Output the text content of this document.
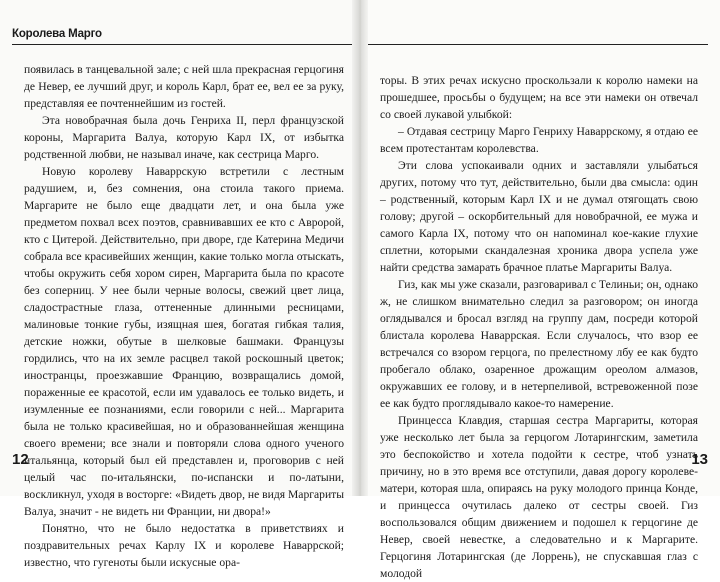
Королева Марго

появилась в танцевальной зале; с ней шла прекрасная герцогиня де Невер, ее лучший друг, и король Карл, брат ее, вел ее за руку, представляя ее почтеннейшим из гостей.

Эта новобрачная была дочь Генриха II, перл французской короны, Маргарита Валуа, которую Карл IX, от избытка родственной любви, не называл иначе, как сестрица Марго.

Новую королеву Наваррскую встретили с лестным радушием, и, без сомнения, она стоила такого приема. Маргарите не было еще двадцати лет, и она была уже предметом похвал всех поэтов, сравнивавших ее кто с Авророй, кто с Цитерой. Действительно, при дворе, где Катерина Медичи собрала все красивейших женщин, какие только могла отыскать, чтобы окружить себя хором сирен, Маргарита была по красоте без соперниц. У нее были черные волосы, свежий цвет лица, сладострастные глаза, оттененные длинными ресницами, малиновые тонкие губы, изящная шея, богатая гибкая талия, детские ножки, обутые в шелковые башмаки. Французы гордились, что на их земле расцвел такой роскошный цветок; иностранцы, проезжавшие Францию, возвращались домой, пораженные ее красотой, если им удавалось ее только видеть, и изумленные ее познаниями, если говорили с ней... Маргарита была не только красивейшая, но и образованнейшая женщина своего времени; все знали и повторяли слова одного ученого итальянца, который был ей представлен и, проговорив с ней целый час по-итальянски, по-испански и по-латыни, воскликнул, уходя в восторге: «Видеть двор, не видя Маргариты Валуа, значит - не видеть ни Франции, ни двора!»

Понятно, что не было недостатка в приветствиях и поздравительных речах Карлу IX и королеве Наваррской; известно, что гугеноты были искусные ора-

12

торы. В этих речах искусно проскользали к королю намеки на прошедшее, просьбы о будущем; на все эти намеки он отвечал со своей лукавой улыбкой:

– Отдавая сестрицу Марго Генриху Наваррскому, я отдаю ее всем протестантам королевства.

Эти слова успокаивали одних и заставляли улыбаться других, потому что тут, действительно, были два смысла: один – родственный, которым Карл IX и не думал отягощать свою голову; другой – оскорбительный для новобрачной, ее мужа и самого Карла IX, потому что он напоминал кое-какие глухие сплетни, которыми скандалезная хроника двора успела уже найти средства замарать брачное платье Маргариты Валуа.

Гиз, как мы уже сказали, разговаривал с Телиньи; он, однако ж, не слишком внимательно следил за разговором; он иногда оглядывался и бросал взгляд на группу дам, посреди которой блистала королева Наваррская. Если случалось, что взор ее встречался со взором герцога, по прелестному лбу ее как будто пробегало облако, озаренное дрожащим ореолом алмазов, окружавших ее голову, и в нетерпеливой, встревоженной позе ее как будто проглядывало какое-то намерение.

Принцесса Клавдия, старшая сестра Маргариты, которая уже несколько лет была за герцогом Лотарингским, заметила это беспокойство и хотела подойти к сестре, чтоб узнать причину, но в это время все отступили, давая дорогу королеве-матери, которая шла, опираясь на руку молодого принца Конде, и принцесса очутилась далеко от сестры своей. Гиз воспользовался общим движением и подошел к герцогине де Невер, своей невестке, а следовательно и к Маргарите. Герцогиня Лотарингская (де Лоррень), не спускавшая глаз с молодой

13
